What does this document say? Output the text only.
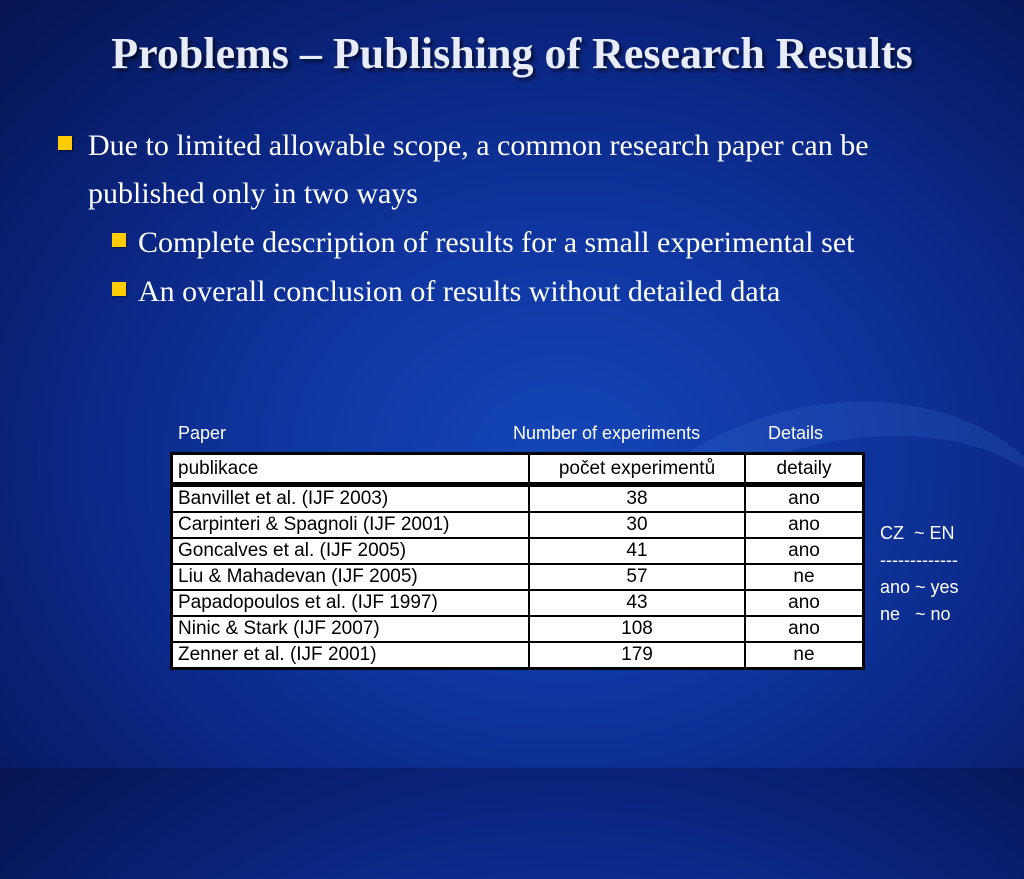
Problems – Publishing of Research Results
Due to limited allowable scope, a common research paper can be published only in two ways
Complete description of results for a small experimental set
An overall conclusion of results without detailed data
Paper	Number of experiments	Details
publikace	počet experimentů	detaily
Banvillet et al. (IJF 2003)	38	ano
Carpinteri & Spagnoli (IJF 2001)	30	ano
Goncalves et al. (IJF 2005)	41	ano
Liu & Mahadevan (IJF 2005)	57	ne
Papadopoulos et al. (IJF 1997)	43	ano
Ninic & Stark (IJF 2007)	108	ano
Zenner et al. (IJF 2001)	179	ne
CZ  ~ EN
-------------
ano ~ yes
ne   ~ no
